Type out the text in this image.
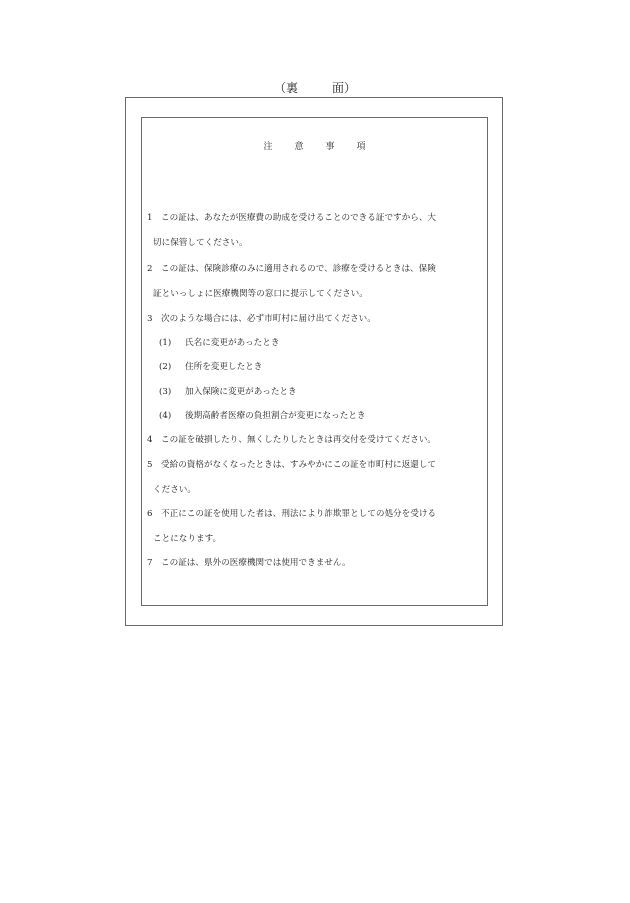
（裏	面）
注 意 事 項
1 この証は、あなたが医療費の助成を受けることのできる証ですから、大
切に保管してください。
2 この証は、保険診療のみに適用されるので、診療を受けるときは、保険
証といっしょに医療機関等の窓口に提示してください。
3 次のような場合には、必ず市町村に届け出てください。
(1) 氏名に変更があったとき
(2) 住所を変更したとき
(3) 加入保険に変更があったとき
(4) 後期高齢者医療の負担割合が変更になったとき
4 この証を破損したり、無くしたりしたときは再交付を受けてください。
5 受給の資格がなくなったときは、すみやかにこの証を市町村に返還して
ください。
6 不正にこの証を使用した者は、刑法により詐欺罪としての処分を受ける
ことになります。
7 この証は、県外の医療機関では使用できません。
